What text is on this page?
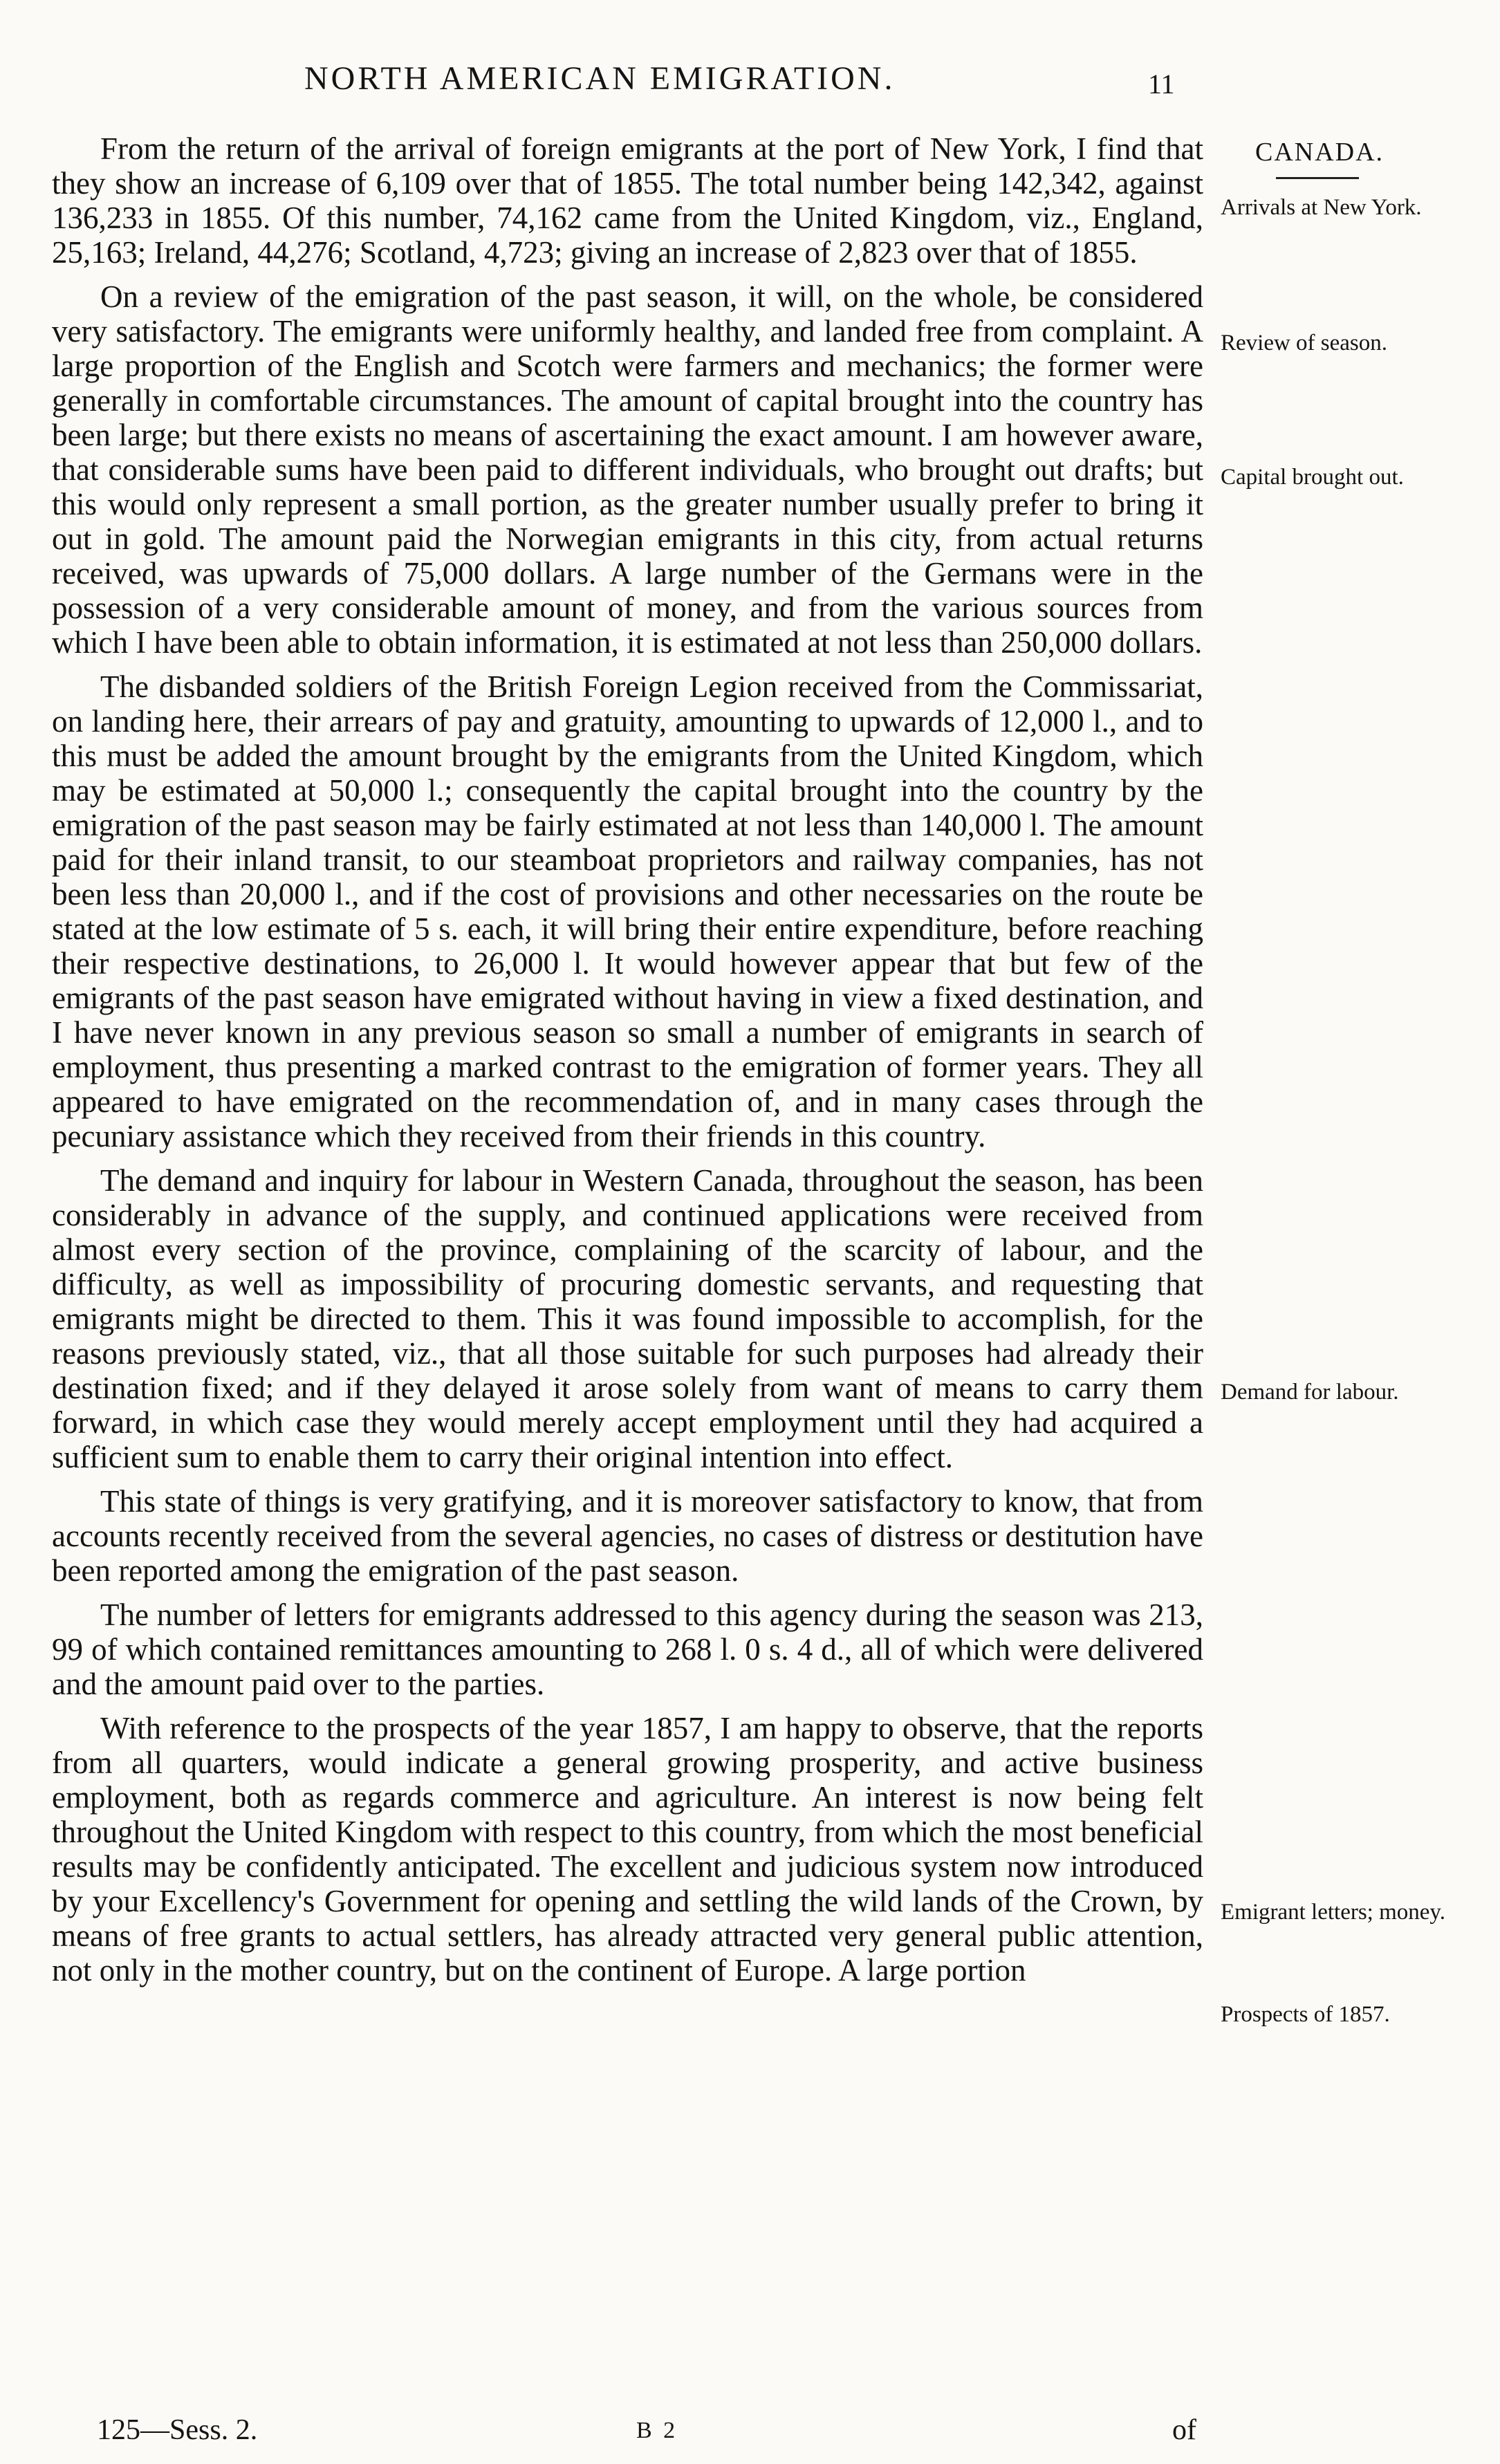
NORTH AMERICAN EMIGRATION.	11
CANADA.
Arrivals at New York.
Review of season.
Capital brought out.
Demand for labour.
Emigrant letters; money.
Prospects of 1857.

From the return of the arrival of foreign emigrants at the port of New York, I find that they show an increase of 6,109 over that of 1855. The total number being 142,342, against 136,233 in 1855. Of this number, 74,162 came from the United Kingdom, viz., England, 25,163; Ireland, 44,276; Scotland, 4,723; giving an increase of 2,823 over that of 1855.

On a review of the emigration of the past season, it will, on the whole, be considered very satisfactory. The emigrants were uniformly healthy, and landed free from complaint. A large proportion of the English and Scotch were farmers and mechanics; the former were generally in comfortable circumstances. The amount of capital brought into the country has been large; but there exists no means of ascertaining the exact amount. I am however aware, that considerable sums have been paid to different individuals, who brought out drafts; but this would only represent a small portion, as the greater number usually prefer to bring it out in gold. The amount paid the Norwegian emigrants in this city, from actual returns received, was upwards of 75,000 dollars. A large number of the Germans were in the possession of a very considerable amount of money, and from the various sources from which I have been able to obtain information, it is estimated at not less than 250,000 dollars.

The disbanded soldiers of the British Foreign Legion received from the Commissariat, on landing here, their arrears of pay and gratuity, amounting to upwards of 12,000 l., and to this must be added the amount brought by the emigrants from the United Kingdom, which may be estimated at 50,000 l.; consequently the capital brought into the country by the emigration of the past season may be fairly estimated at not less than 140,000 l. The amount paid for their inland transit, to our steamboat proprietors and railway companies, has not been less than 20,000 l., and if the cost of provisions and other necessaries on the route be stated at the low estimate of 5 s. each, it will bring their entire expenditure, before reaching their respective destinations, to 26,000 l. It would however appear that but few of the emigrants of the past season have emigrated without having in view a fixed destination, and I have never known in any previous season so small a number of emigrants in search of employment, thus presenting a marked contrast to the emigration of former years. They all appeared to have emigrated on the recommendation of, and in many cases through the pecuniary assistance which they received from their friends in this country.

The demand and inquiry for labour in Western Canada, throughout the season, has been considerably in advance of the supply, and continued applications were received from almost every section of the province, complaining of the scarcity of labour, and the difficulty, as well as impossibility of procuring domestic servants, and requesting that emigrants might be directed to them. This it was found impossible to accomplish, for the reasons previously stated, viz., that all those suitable for such purposes had already their destination fixed; and if they delayed it arose solely from want of means to carry them forward, in which case they would merely accept employment until they had acquired a sufficient sum to enable them to carry their original intention into effect.

This state of things is very gratifying, and it is moreover satisfactory to know, that from accounts recently received from the several agencies, no cases of distress or destitution have been reported among the emigration of the past season.

The number of letters for emigrants addressed to this agency during the season was 213, 99 of which contained remittances amounting to 268 l. 0 s. 4 d., all of which were delivered and the amount paid over to the parties.

With reference to the prospects of the year 1857, I am happy to observe, that the reports from all quarters, would indicate a general growing prosperity, and active business employment, both as regards commerce and agriculture. An interest is now being felt throughout the United Kingdom with respect to this country, from which the most beneficial results may be confidently anticipated. The excellent and judicious system now introduced by your Excellency's Government for opening and settling the wild lands of the Crown, by means of free grants to actual settlers, has already attracted very general public attention, not only in the mother country, but on the continent of Europe. A large portion

125—Sess. 2.	B 2	of
